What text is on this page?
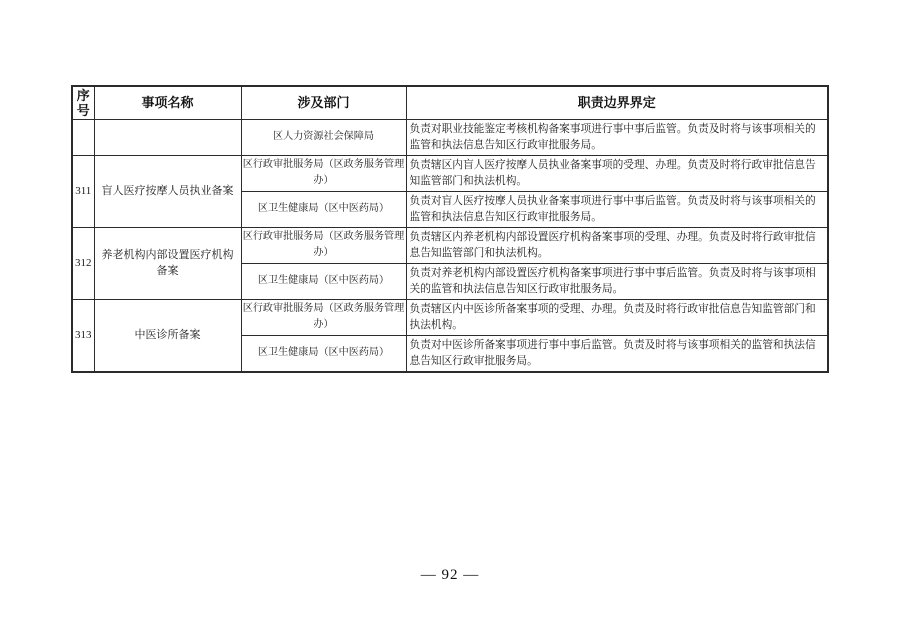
序号	事项名称	涉及部门	职责边界界定
		区人力资源社会保障局	负责对职业技能鉴定考核机构备案事项进行事中事后监管。负责及时将与该事项相关的监管和执法信息告知区行政审批服务局。
311	盲人医疗按摩人员执业备案	区行政审批服务局（区政务服务管理办）	负责辖区内盲人医疗按摩人员执业备案事项的受理、办理。负责及时将行政审批信息告知监管部门和执法机构。
		区卫生健康局（区中医药局）	负责对盲人医疗按摩人员执业备案事项进行事中事后监管。负责及时将与该事项相关的监管和执法信息告知区行政审批服务局。
312	养老机构内部设置医疗机构备案	区行政审批服务局（区政务服务管理办）	负责辖区内养老机构内部设置医疗机构备案事项的受理、办理。负责及时将行政审批信息告知监管部门和执法机构。
		区卫生健康局（区中医药局）	负责对养老机构内部设置医疗机构备案事项进行事中事后监管。负责及时将与该事项相关的监管和执法信息告知区行政审批服务局。
313	中医诊所备案	区行政审批服务局（区政务服务管理办）	负责辖区内中医诊所备案事项的受理、办理。负责及时将行政审批信息告知监管部门和执法机构。
		区卫生健康局（区中医药局）	负责对中医诊所备案事项进行事中事后监管。负责及时将与该事项相关的监管和执法信息告知区行政审批服务局。
— 92 —
